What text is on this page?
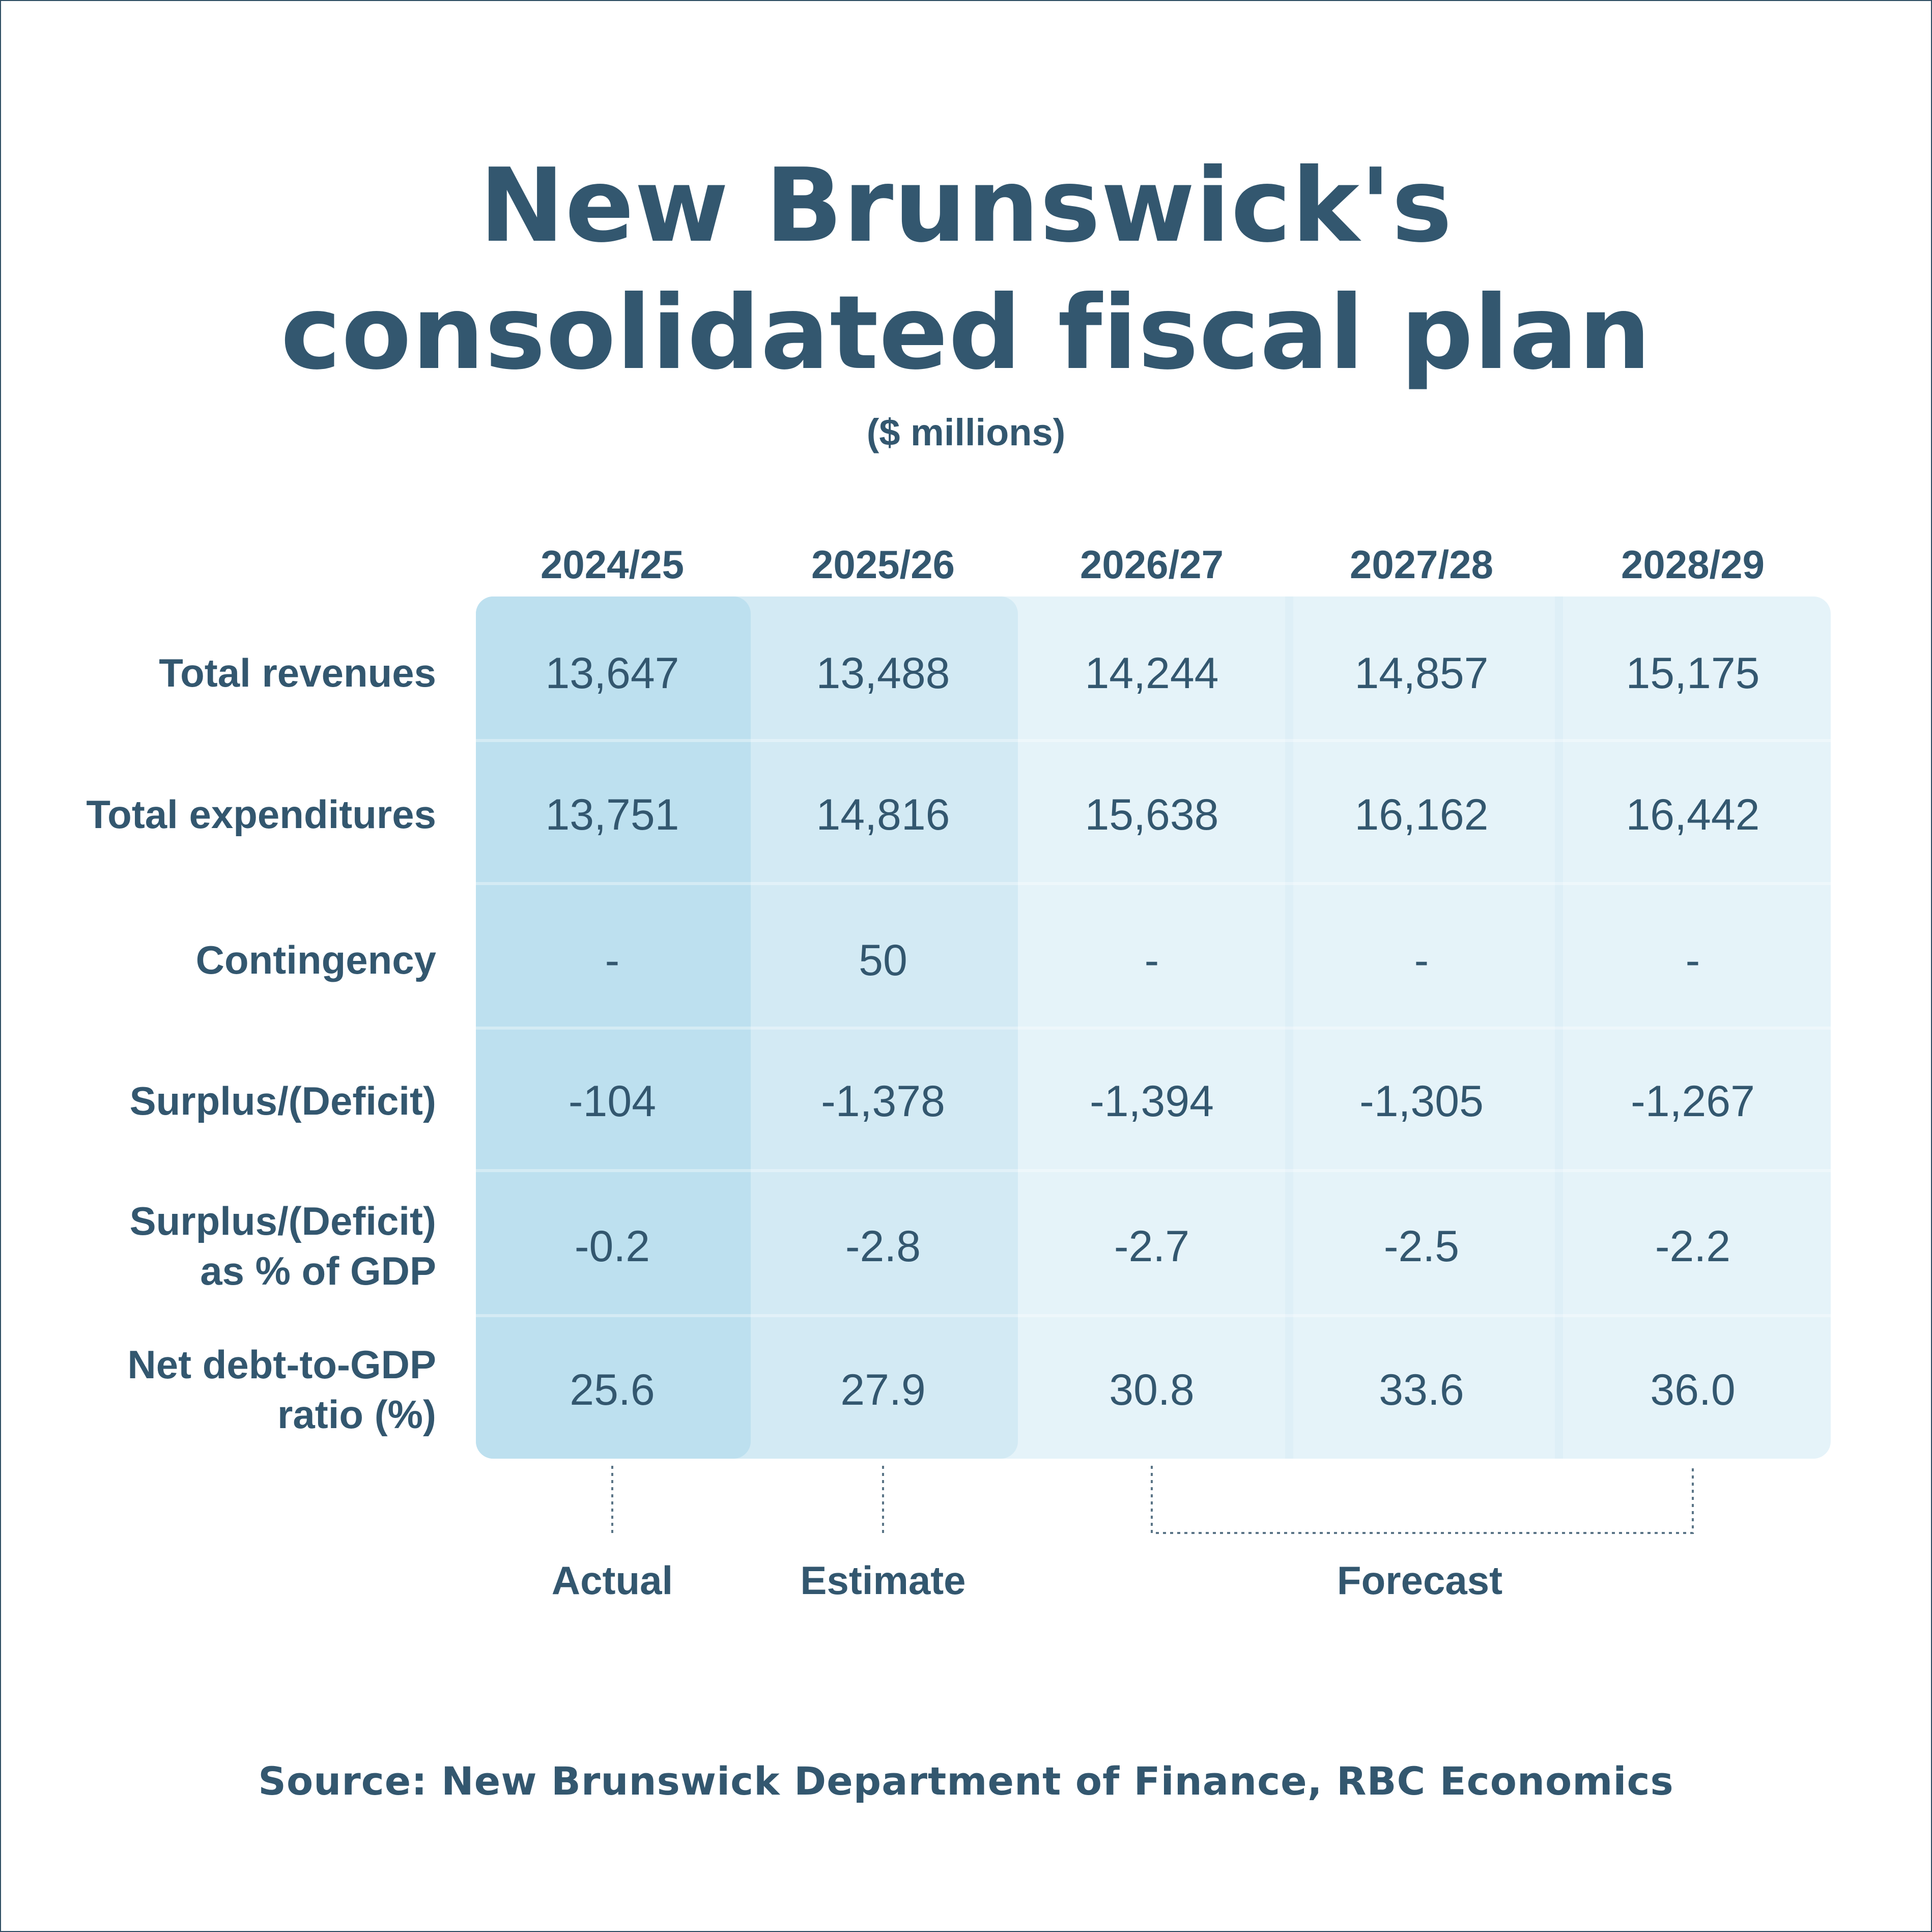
New Brunswick's
consolidated fiscal plan
($ millions)
2024/25	2025/26	2026/27	2027/28	2028/29
Total revenues 13,647	13,488	14,244	14,857	15,175
Total expenditures 13,751	14,816	15,638	16,162	16,442
Contingency	-	50	-	-	-
Surplus/(Deficit)	-104	-1,378	-1,394	-1,305	-1,267
Surplus/(Deficit)
as % of GDP	-0.2	-2.8	-2.7	-2.5	-2.2
Net debt-to-GDP
ratio (%)	25.6	27.9	30.8	33.6	36.0
Actual	Estimate	Forecast
Source: New Brunswick Department of Finance, RBC Economics
